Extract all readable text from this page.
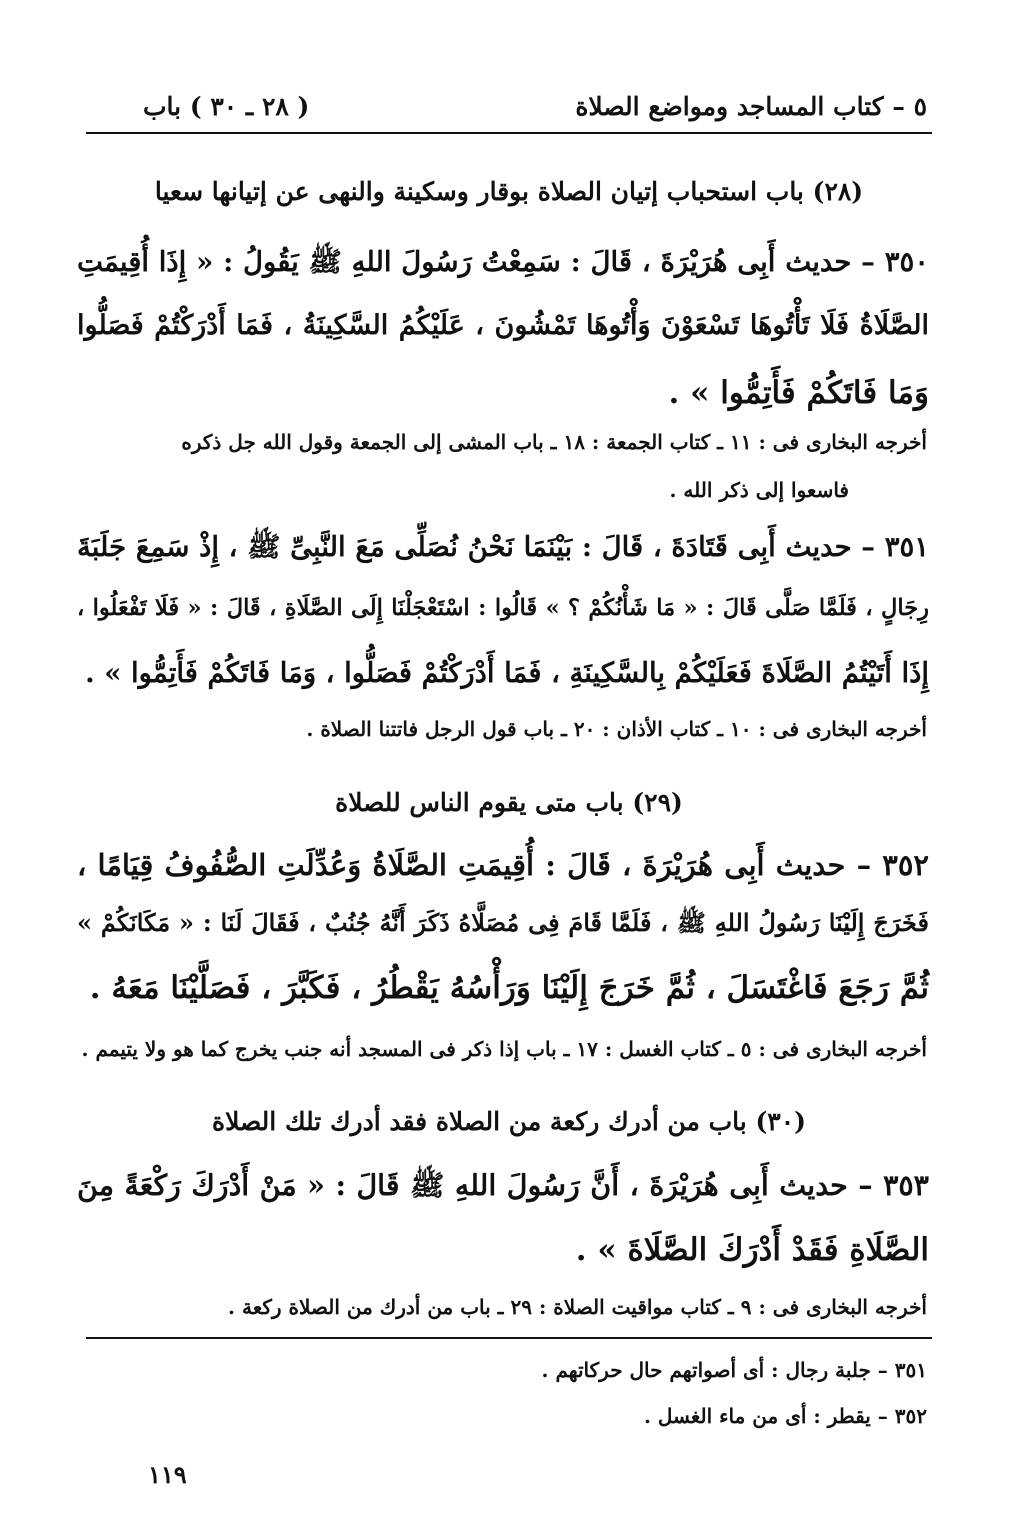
٥ – كتاب المساجد ومواضع الصلاة
( ٢٨ ـ ٣٠ ) باب
(٢٨) باب استحباب إتيان الصلاة بوقار وسكينة والنهى عن إتيانها سعيا
٣٥٠ – حديث أَبِى هُرَيْرَةَ ، قَالَ : سَمِعْتُ رَسُولَ اللهِ ﷺ يَقُولُ : « إِذَا أُقِيمَتِ
الصَّلَاةُ فَلَا تَأْتُوهَا تَسْعَوْنَ وَأْتُوهَا تَمْشُونَ ، عَلَيْكُمُ السَّكِينَةُ ، فَمَا أَدْرَكْتُمْ فَصَلُّوا
وَمَا فَاتَكُمْ فَأَتِمُّوا » .
أخرجه البخارى فى : ١١ ـ كتاب الجمعة : ١٨ ـ باب المشى إلى الجمعة وقول الله جل ذكره
فاسعوا إلى ذكر الله .
٣٥١ – حديث أَبِى قَتَادَةَ ، قَالَ : بَيْنَمَا نَحْنُ نُصَلِّى مَعَ النَّبِىِّ ﷺ ، إِذْ سَمِعَ جَلَبَةَ
رِجَالٍ ، فَلَمَّا صَلَّى قَالَ : « مَا شَأْنُكُمْ ؟ » قَالُوا : اسْتَعْجَلْنَا إِلَى الصَّلَاةِ ، قَالَ : « فَلَا تَفْعَلُوا ،
إِذَا أَتَيْتُمُ الصَّلَاةَ فَعَلَيْكُمْ بِالسَّكِينَةِ ، فَمَا أَدْرَكْتُمْ فَصَلُّوا ، وَمَا فَاتَكُمْ فَأَتِمُّوا » .
أخرجه البخارى فى : ١٠ ـ كتاب الأذان : ٢٠ ـ باب قول الرجل فاتتنا الصلاة .
(٢٩) باب متى يقوم الناس للصلاة
٣٥٢ – حديث أَبِى هُرَيْرَةَ ، قَالَ : أُقِيمَتِ الصَّلَاةُ وَعُدِّلَتِ الصُّفُوفُ قِيَامًا ،
فَخَرَجَ إِلَيْنَا رَسُولُ اللهِ ﷺ ، فَلَمَّا قَامَ فِى مُصَلَّاهُ ذَكَرَ أَنَّهُ جُنُبٌ ، فَقَالَ لَنَا : « مَكَانَكُمْ »
ثُمَّ رَجَعَ فَاغْتَسَلَ ، ثُمَّ خَرَجَ إِلَيْنَا وَرَأْسُهُ يَقْطُرُ ، فَكَبَّرَ ، فَصَلَّيْنَا مَعَهُ .
أخرجه البخارى فى : ٥ ـ كتاب الغسل : ١٧ ـ باب إذا ذكر فى المسجد أنه جنب يخرج كما هو ولا يتيمم .
(٣٠) باب من أدرك ركعة من الصلاة فقد أدرك تلك الصلاة
٣٥٣ – حديث أَبِى هُرَيْرَةَ ، أَنَّ رَسُولَ اللهِ ﷺ قَالَ : « مَنْ أَدْرَكَ رَكْعَةً مِنَ
الصَّلَاةِ فَقَدْ أَدْرَكَ الصَّلَاةَ » .
أخرجه البخارى فى : ٩ ـ كتاب مواقيت الصلاة : ٢٩ ـ باب من أدرك من الصلاة ركعة .
٣٥١ – جلبة رجال : أى أصواتهم حال حركاتهم .
٣٥٢ – يقطر : أى من ماء الغسل .
١١٩
